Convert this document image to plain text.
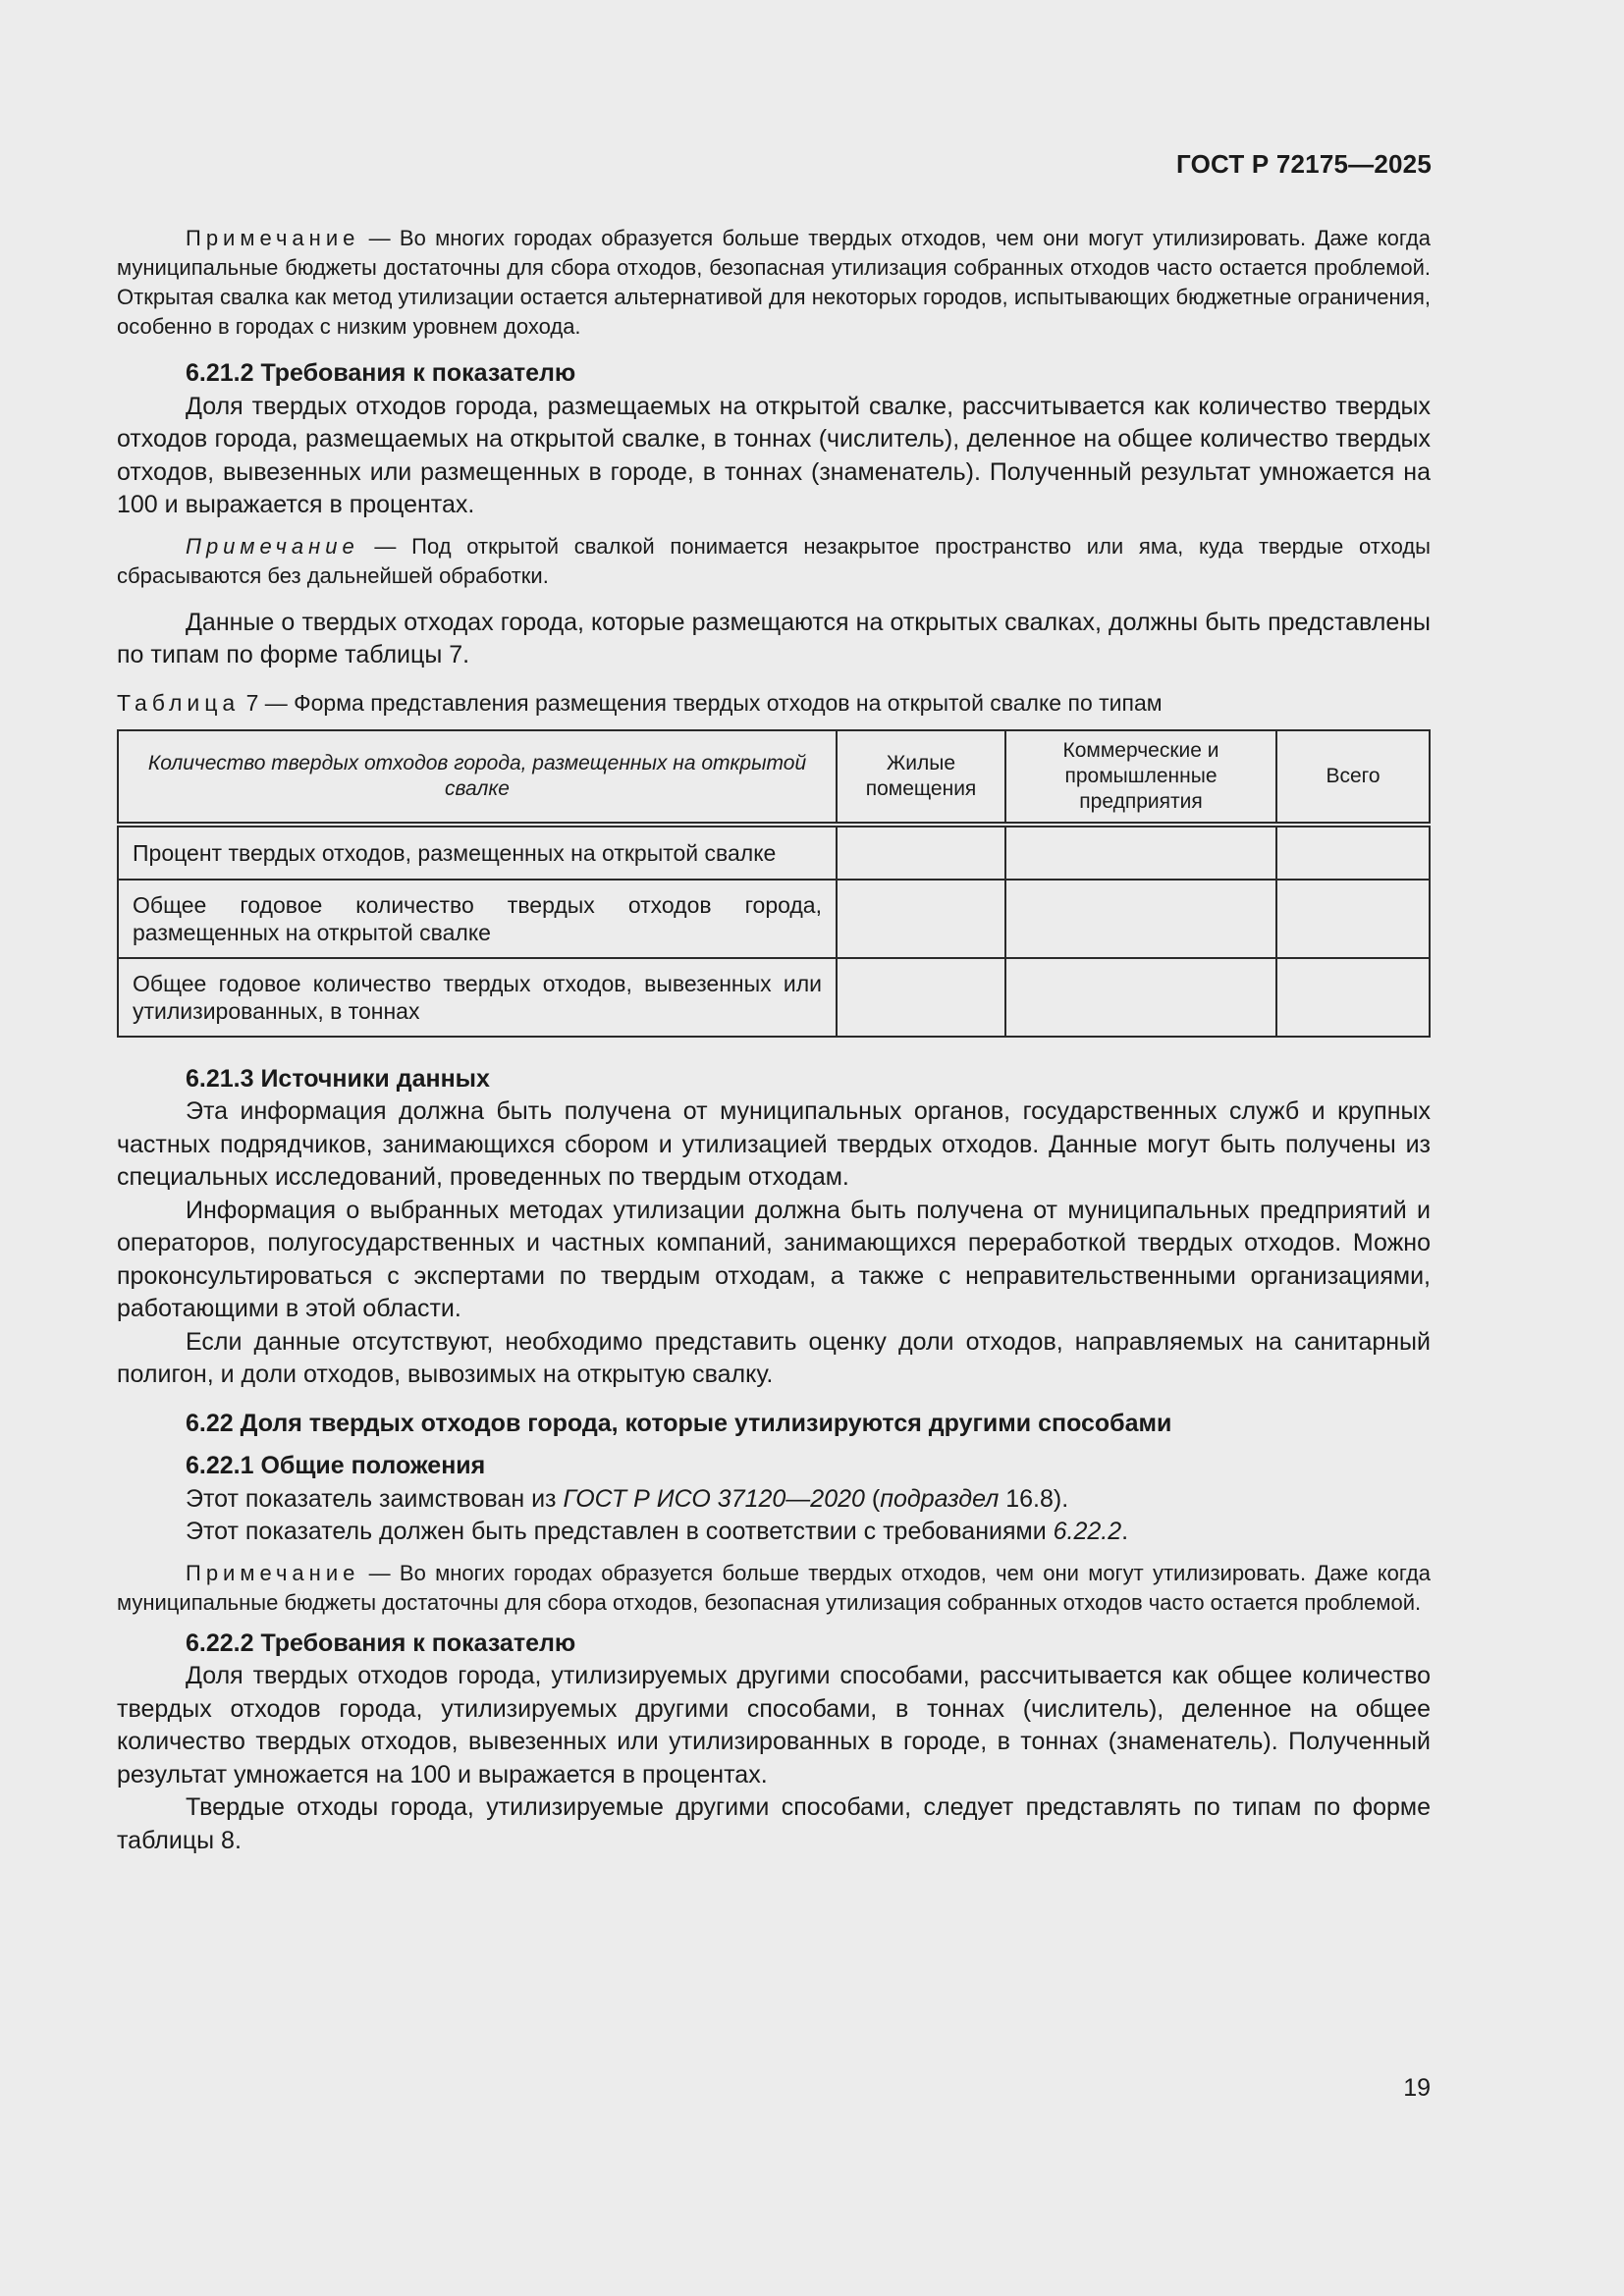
ГОСТ Р 72175—2025

Примечание — Во многих городах образуется больше твердых отходов, чем они могут утилизировать. Даже когда муниципальные бюджеты достаточны для сбора отходов, безопасная утилизация собранных отходов часто остается проблемой. Открытая свалка как метод утилизации остается альтернативой для некоторых городов, испытывающих бюджетные ограничения, особенно в городах с низким уровнем дохода.

6.21.2 Требования к показателю

Доля твердых отходов города, размещаемых на открытой свалке, рассчитывается как количество твердых отходов города, размещаемых на открытой свалке, в тоннах (числитель), деленное на общее количество твердых отходов, вывезенных или размещенных в городе, в тоннах (знаменатель). Полученный результат умножается на 100 и выражается в процентах.

Примечание — Под открытой свалкой понимается незакрытое пространство или яма, куда твердые отходы сбрасываются без дальнейшей обработки.

Данные о твердых отходах города, которые размещаются на открытых свалках, должны быть представлены по типам по форме таблицы 7.

Таблица 7 — Форма представления размещения твердых отходов на открытой свалке по типам

Количество твердых отходов города, размещенных на открытой свалке	Жилые помещения	Коммерческие и промышленные предприятия	Всего
Процент твердых отходов, размещенных на открытой свалке			
Общее годовое количество твердых отходов города, размещенных на открытой свалке			
Общее годовое количество твердых отходов, вывезенных или утилизированных, в тоннах			

6.21.3 Источники данных

Эта информация должна быть получена от муниципальных органов, государственных служб и крупных частных подрядчиков, занимающихся сбором и утилизацией твердых отходов. Данные могут быть получены из специальных исследований, проведенных по твердым отходам.

Информация о выбранных методах утилизации должна быть получена от муниципальных предприятий и операторов, полугосударственных и частных компаний, занимающихся переработкой твердых отходов. Можно проконсультироваться с экспертами по твердым отходам, а также с неправительственными организациями, работающими в этой области.

Если данные отсутствуют, необходимо представить оценку доли отходов, направляемых на санитарный полигон, и доли отходов, вывозимых на открытую свалку.

6.22 Доля твердых отходов города, которые утилизируются другими способами

6.22.1 Общие положения

Этот показатель заимствован из ГОСТ Р ИСО 37120—2020 (подраздел 16.8).

Этот показатель должен быть представлен в соответствии с требованиями 6.22.2.

Примечание — Во многих городах образуется больше твердых отходов, чем они могут утилизировать. Даже когда муниципальные бюджеты достаточны для сбора отходов, безопасная утилизация собранных отходов часто остается проблемой.

6.22.2 Требования к показателю

Доля твердых отходов города, утилизируемых другими способами, рассчитывается как общее количество твердых отходов города, утилизируемых другими способами, в тоннах (числитель), деленное на общее количество твердых отходов, вывезенных или утилизированных в городе, в тоннах (знаменатель). Полученный результат умножается на 100 и выражается в процентах.

Твердые отходы города, утилизируемые другими способами, следует представлять по типам по форме таблицы 8.

19
